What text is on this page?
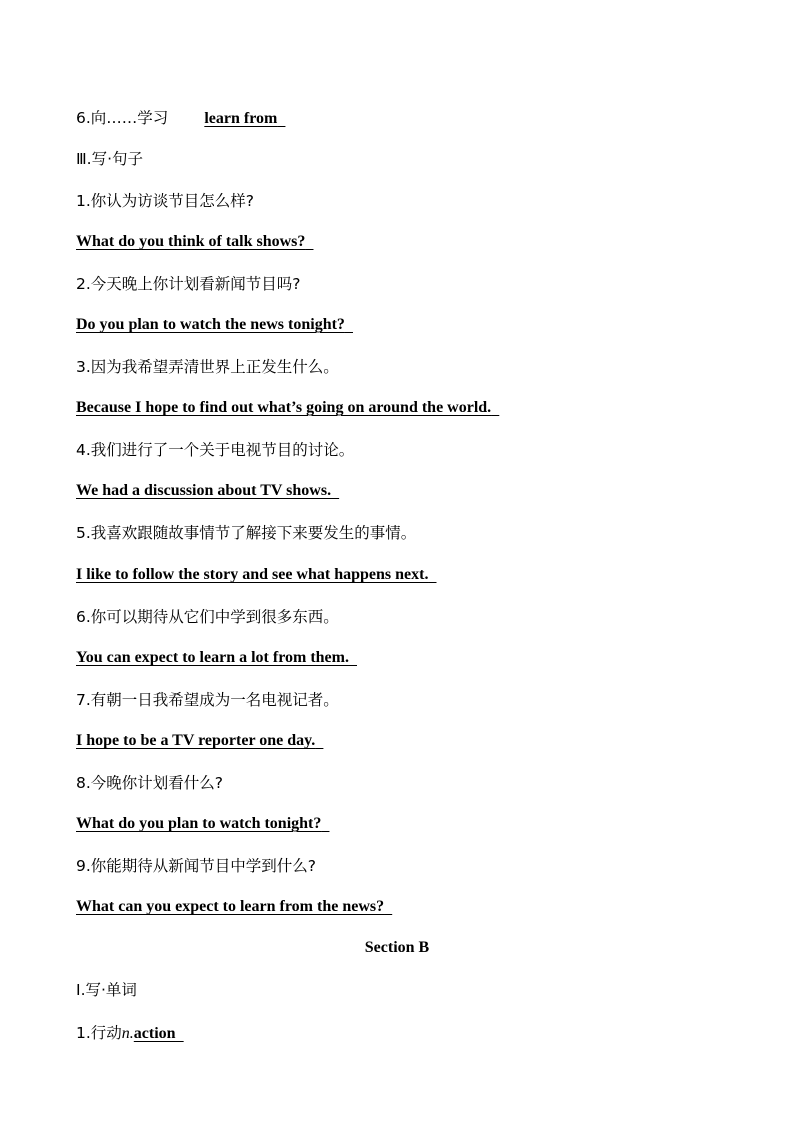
6.向……学习 learn from
Ⅲ.写·句子
1.你认为访谈节目怎么样?
What do you think of talk shows?
2.今天晚上你计划看新闻节目吗?
Do you plan to watch the news tonight?
3.因为我希望弄清世界上正发生什么。
Because I hope to find out what’s going on around the world.
4.我们进行了一个关于电视节目的讨论。
We had a discussion about TV shows.
5.我喜欢跟随故事情节了解接下来要发生的事情。
I like to follow the story and see what happens next.
6.你可以期待从它们中学到很多东西。
You can expect to learn a lot from them.
7.有朝一日我希望成为一名电视记者。
I hope to be a TV reporter one day.
8.今晚你计划看什么?
What do you plan to watch tonight?
9.你能期待从新闻节目中学到什么?
What can you expect to learn from the news?
Section B
Ⅰ.写·单词
1.行动n.action
